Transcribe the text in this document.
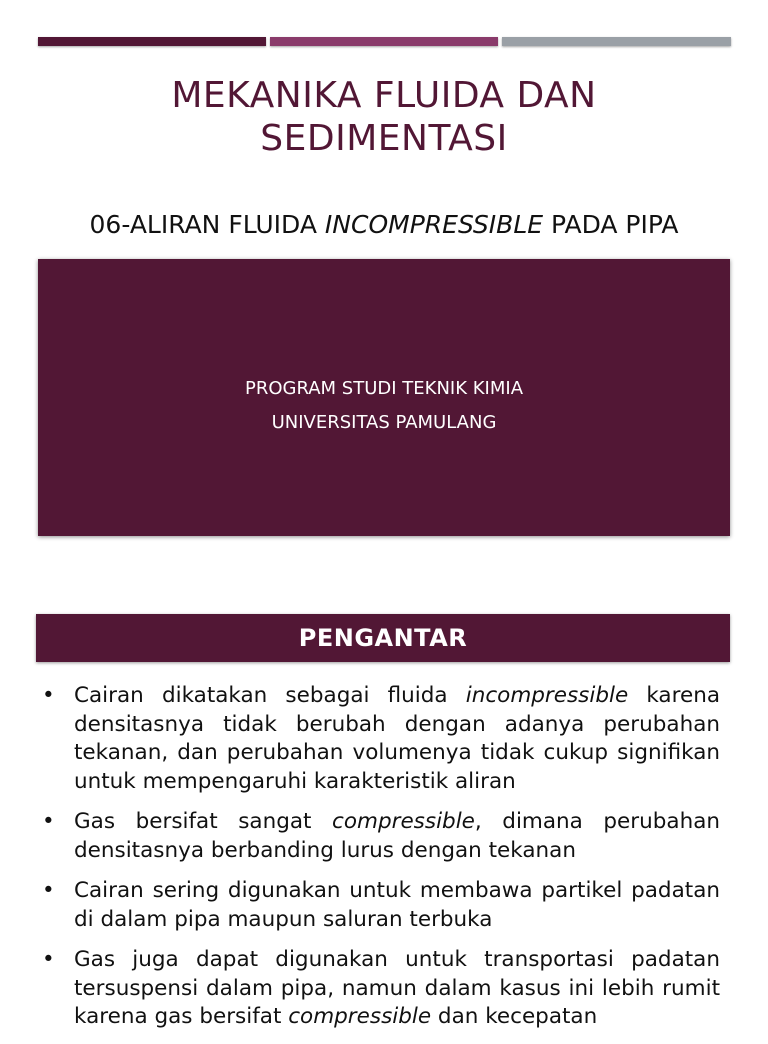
MEKANIKA FLUIDA DAN
SEDIMENTASI
06-ALIRAN FLUIDA INCOMPRESSIBLE PADA PIPA
PROGRAM STUDI TEKNIK KIMIA
UNIVERSITAS PAMULANG
PENGANTAR
• Cairan dikatakan sebagai fluida incompressible karena densitasnya tidak berubah dengan adanya perubahan tekanan, dan perubahan volumenya tidak cukup signifikan untuk mempengaruhi karakteristik aliran
• Gas bersifat sangat compressible, dimana perubahan densitasnya berbanding lurus dengan tekanan
• Cairan sering digunakan untuk membawa partikel padatan di dalam pipa maupun saluran terbuka
• Gas juga dapat digunakan untuk transportasi padatan tersuspensi dalam pipa, namun dalam kasus ini lebih rumit karena gas bersifat compressible dan kecepatan
